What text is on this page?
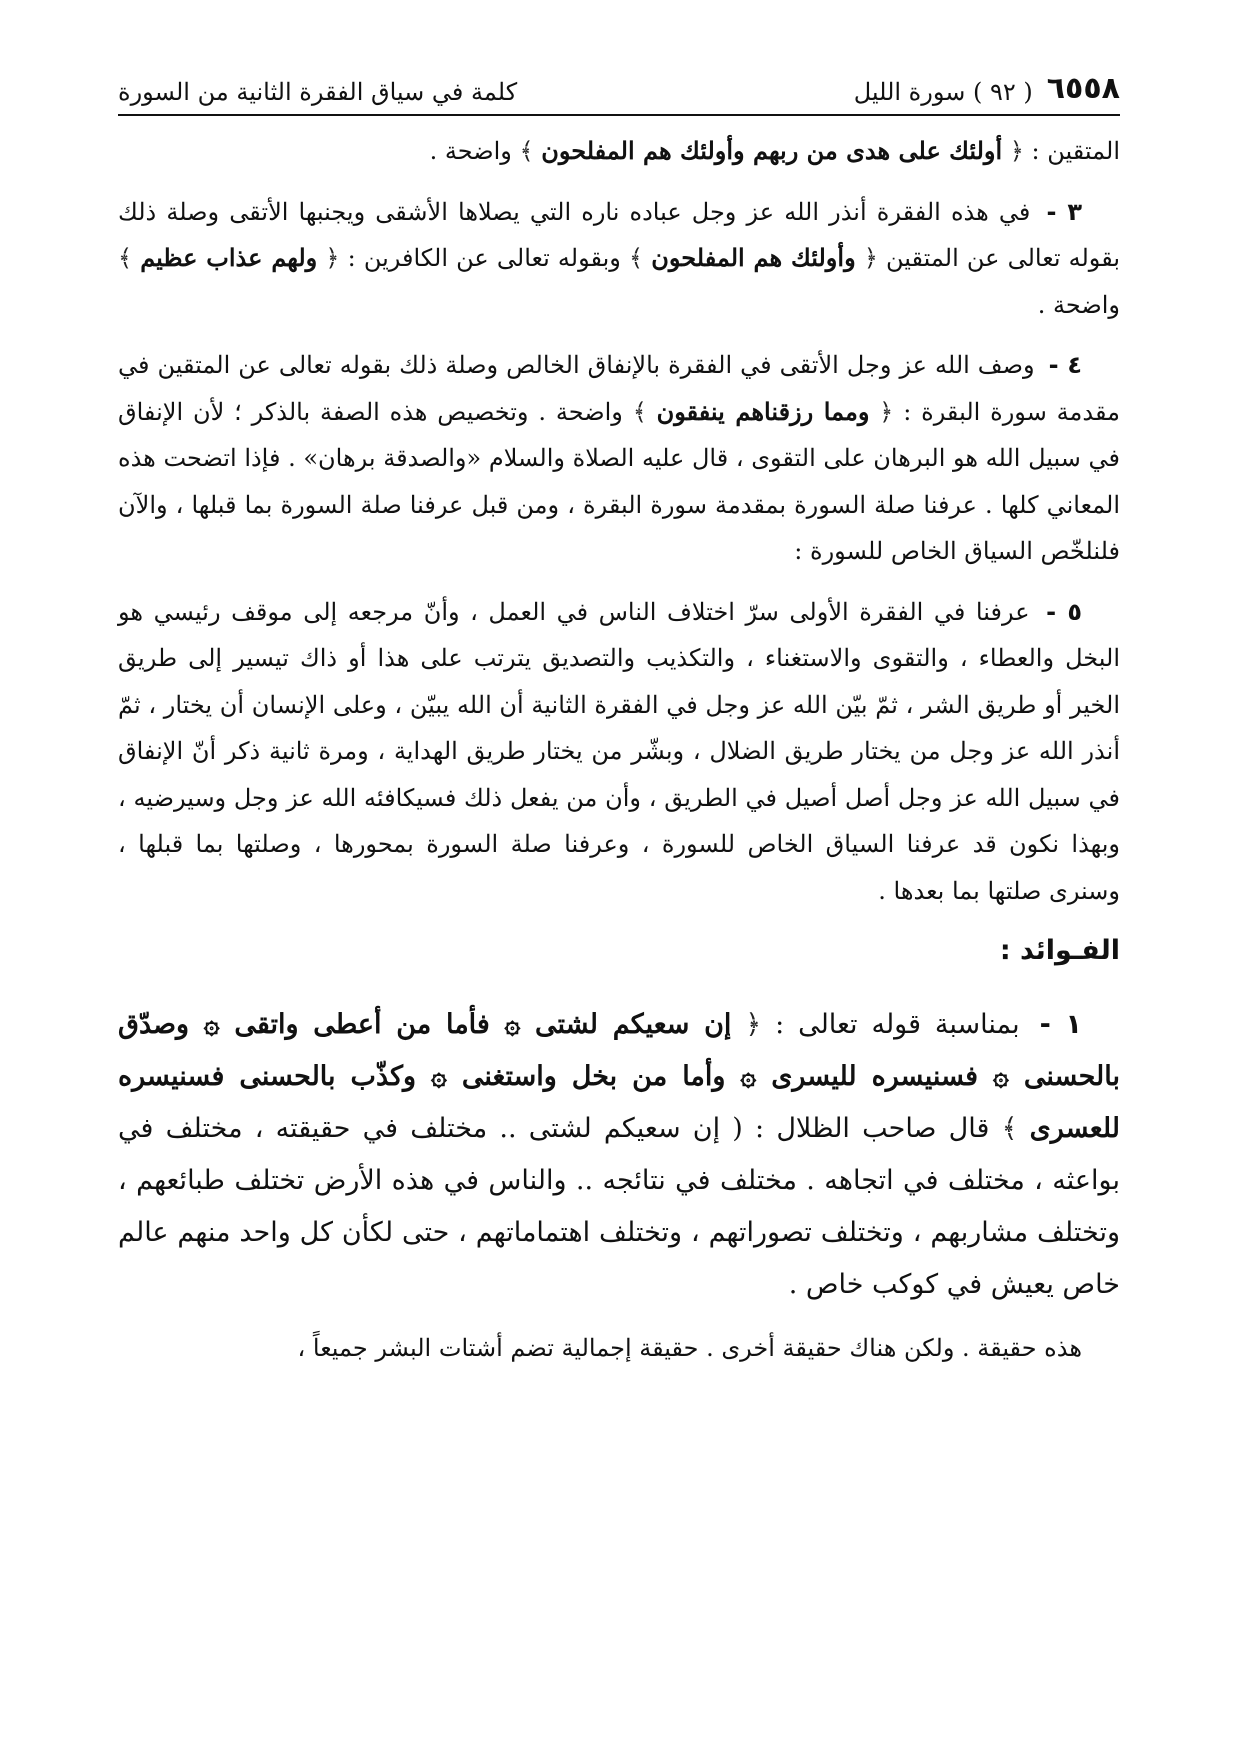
٦٥٥٨
( ٩٢ ) سورة الليل
كلمة في سياق الفقرة الثانية من السورة

المتقين : ﴿ أولئك على هدى من ربهم وأولئك هم المفلحون ﴾ واضحة .

٣ - في هذه الفقرة أنذر الله عز وجل عباده ناره التي يصلاها الأشقى ويجنبها الأتقى وصلة ذلك بقوله تعالى عن المتقين ﴿ وأولئك هم المفلحون ﴾ وبقوله تعالى عن الكافرين : ﴿ ولهم عذاب عظيم ﴾ واضحة .

٤ - وصف الله عز وجل الأتقى في الفقرة بالإنفاق الخالص وصلة ذلك بقوله تعالى عن المتقين في مقدمة سورة البقرة : ﴿ ومما رزقناهم ينفقون ﴾ واضحة . وتخصيص هذه الصفة بالذكر ؛ لأن الإنفاق في سبيل الله هو البرهان على التقوى ، قال عليه الصلاة والسلام «والصدقة برهان» . فإذا اتضحت هذه المعاني كلها . عرفنا صلة السورة بمقدمة سورة البقرة ، ومن قبل عرفنا صلة السورة بما قبلها ، والآن فلنلخّص السياق الخاص للسورة :

٥ - عرفنا في الفقرة الأولى سرّ اختلاف الناس في العمل ، وأنّ مرجعه إلى موقف رئيسي هو البخل والعطاء ، والتقوى والاستغناء ، والتكذيب والتصديق يترتب على هذا أو ذاك تيسير إلى طريق الخير أو طريق الشر ، ثمّ بيّن الله عز وجل في الفقرة الثانية أن الله يبيّن ، وعلى الإنسان أن يختار ، ثمّ أنذر الله عز وجل من يختار طريق الضلال ، وبشّر من يختار طريق الهداية ، ومرة ثانية ذكر أنّ الإنفاق في سبيل الله عز وجل أصل أصيل في الطريق ، وأن من يفعل ذلك فسيكافئه الله عز وجل وسيرضيه ، وبهذا نكون قد عرفنا السياق الخاص للسورة ، وعرفنا صلة السورة بمحورها ، وصلتها بما قبلها ، وسنرى صلتها بما بعدها .

الفـوائد :

١ - بمناسبة قوله تعالى : ﴿ إن سعيكم لشتى ۞ فأما من أعطى واتقى ۞ وصدّق بالحسنى ۞ فسنيسره لليسرى ۞ وأما من بخل واستغنى ۞ وكذّب بالحسنى فسنيسره للعسرى ﴾ قال صاحب الظلال : ( إن سعيكم لشتى .. مختلف في حقيقته ، مختلف في بواعثه ، مختلف في اتجاهه . مختلف في نتائجه .. والناس في هذه الأرض تختلف طبائعهم ، وتختلف مشاربهم ، وتختلف تصوراتهم ، وتختلف اهتماماتهم ، حتى لكأن كل واحد منهم عالم خاص يعيش في كوكب خاص .

هذه حقيقة . ولكن هناك حقيقة أخرى . حقيقة إجمالية تضم أشتات البشر جميعاً ،
